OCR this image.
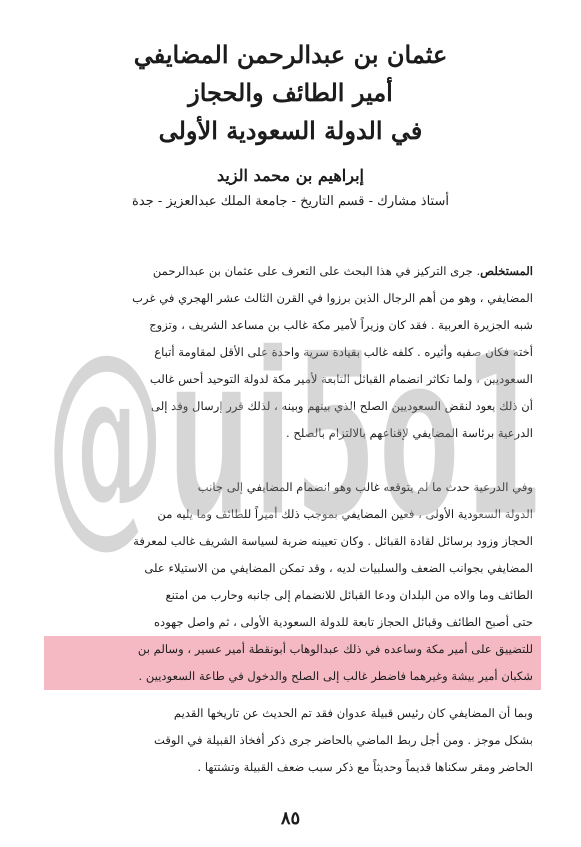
عثمان بن عبدالرحمن المضايفي
أمير الطائف والحجاز
في الدولة السعودية الأولى
إبراهيم بن محمد الزيد
أستاذ مشارك - قسم التاريخ - جامعة الملك عبدالعزيز - جدة
المستخلص. جرى التركيز في هذا البحث على التعرف على عثمان بن عبدالرحمن
المضايفي ، وهو من أهم الرجال الذين برزوا في القرن الثالث عشر الهجري في غرب
شبه الجزيرة العربية . فقد كان وزيراً لأمير مكة غالب بن مساعد الشريف ، وتزوج
أخته فكان صفيه وأثيره . كلفه غالب بقيادة سرية واحدة على الأقل لمقاومة أتباع
السعوديين ، ولما تكاثر انضمام القبائل التابعة لأمير مكة لدولة التوحيد أحس غالب
أن ذلك يعود لنقض السعوديين الصلح الذي بينهم وبينه ، لذلك قرر إرسال وفد إلى
الدرعية برئاسة المضايفي لإقناعهم بالالتزام بالصلح .
وفي الدرعية حدث ما لم يتوقعه غالب وهو انضمام المضايفي إلى جانب
الدولة السعودية الأولى ، فعين المضايفي بموجب ذلك أميراً للطائف وما يليه من
الحجاز وزود برسائل لقادة القبائل . وكان تعيينه ضربة لسياسة الشريف غالب لمعرفة
المضايفي بجوانب الضعف والسلبيات لديه ، وقد تمكن المضايفي من الاستيلاء على
الطائف وما والاه من البلدان ودعا القبائل للانضمام إلى جانبه وحارب من امتنع
حتى أصبح الطائف وقبائل الحجاز تابعة للدولة السعودية الأولى ، ثم واصل جهوده
للتضييق على أمير مكة وساعده في ذلك عبدالوهاب أبونقطة أمير عسير ، وسالم بن
شكبان أمير بيشة وغيرهما فاضطر غالب إلى الصلح والدخول في طاعة السعوديين .
وبما أن المضايفي كان رئيس قبيلة عدوان فقد تم الحديث عن تاريخها القديم
بشكل موجز . ومن أجل ربط الماضي بالحاضر جرى ذكر أفخاذ القبيلة في الوقت
الحاضر ومقر سكناها قديماً وحديثاً مع ذكر سبب ضعف القبيلة وتشتتها .
@ui5o1
٨٥
